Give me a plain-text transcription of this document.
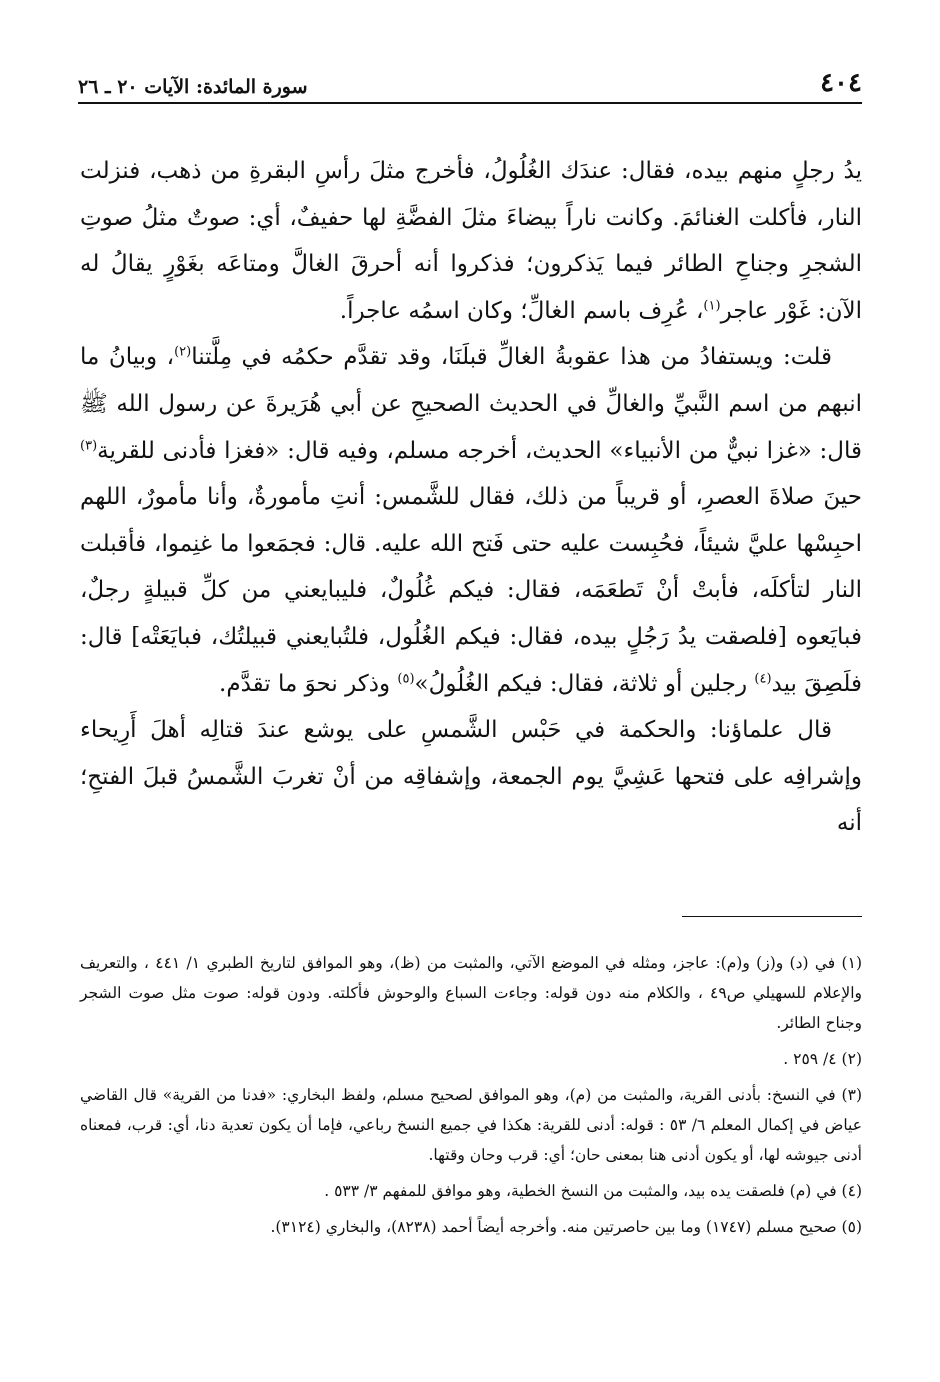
٤٠٤
سورة المائدة: الآيات ٢٠ ـ ٢٦

يدُ رجلٍ منهم بيده، فقال: عندَك الغُلُولُ، فأخرج مثلَ رأسِ البقرةِ من ذهب، فنزلت النار، فأكلت الغنائمَ. وكانت ناراً بيضاءَ مثلَ الفضَّةِ لها حفيفٌ، أي: صوتٌ مثلُ صوتِ الشجرِ وجناحِ الطائر فيما يَذكرون؛ فذكروا أنه أحرقَ الغالَّ ومتاعَه بغَوْرٍ يقالُ له الآن: غَوْر عاجر$^{(١)}$، عُرِف باسم الغالِّ؛ وكان اسمُه عاجراً.

قلت: ويستفادُ من هذا عقوبةُ الغالِّ قبلَنَا، وقد تقدَّم حكمُه في مِلَّتنا$^{(٢)}$، وبيانُ ما انبهم من اسم النَّبيِّ والغالِّ في الحديث الصحيحِ عن أبي هُرَيرةَ عن رسول الله ﷺ قال: «غزا نبيٌّ من الأنبياء» الحديث، أخرجه مسلم، وفيه قال: «فغزا فأدنى للقرية$^{(٣)}$ حينَ صلاةَ العصرِ، أو قريباً من ذلك، فقال للشَّمس: أنتِ مأمورةٌ، وأنا مأمورٌ، اللهم احبِسْها عليَّ شيئاً، فحُبِست عليه حتى فَتح الله عليه. قال: فجمَعوا ما غنِموا، فأقبلت النار لتأكلَه، فأبتْ أنْ تَطعَمَه، فقال: فيكم غُلُولٌ، فليبايعني من كلِّ قبيلةٍ رجلٌ، فبايَعوه [فلصقت يدُ رَجُلٍ بيده، فقال: فيكم الغُلُول، فلتُبايعني قبيلتُك، فبايَعَتْه] قال: فلَصِقَ بيد$^{(٤)}$ رجلين أو ثلاثة، فقال: فيكم الغُلُولُ»$^{(٥)}$ وذكر نحوَ ما تقدَّم.

قال علماؤنا: والحكمة في حَبْس الشَّمسِ على يوشع عندَ قتالِه أهلَ أَرِيحاء وإشرافِه على فتحها عَشِيَّ يوم الجمعة، وإشفاقِه من أنْ تغربَ الشَّمسُ قبلَ الفتحِ؛ أنه

(١) في (د) و(ز) و(م): عاجز، ومثله في الموضع الآتي، والمثبت من (ظ)، وهو الموافق لتاريخ الطبري ١/ ٤٤١ ، والتعريف والإعلام للسهيلي ص٤٩ ، والكلام منه دون قوله: وجاءت السباع والوحوش فأكلته. ودون قوله: صوت مثل صوت الشجر وجناح الطائر.

(٢) ٤/ ٢٥٩ .

(٣) في النسخ: بأدنى القرية، والمثبت من (م)، وهو الموافق لصحيح مسلم، ولفظ البخاري: «فدنا من القرية» قال القاضي عياض في إكمال المعلم ٦/ ٥٣ : قوله: أدنى للقرية: هكذا في جميع النسخ رباعي، فإما أن يكون تعدية دنا، أي: قرب، فمعناه أدنى جيوشه لها، أو يكون أدنى هنا بمعنى حان؛ أي: قرب وحان وقتها.

(٤) في (م) فلصقت يده بيد، والمثبت من النسخ الخطية، وهو موافق للمفهم ٣/ ٥٣٣ .

(٥) صحيح مسلم (١٧٤٧) وما بين حاصرتين منه. وأخرجه أيضاً أحمد (٨٢٣٨)، والبخاري (٣١٢٤).
